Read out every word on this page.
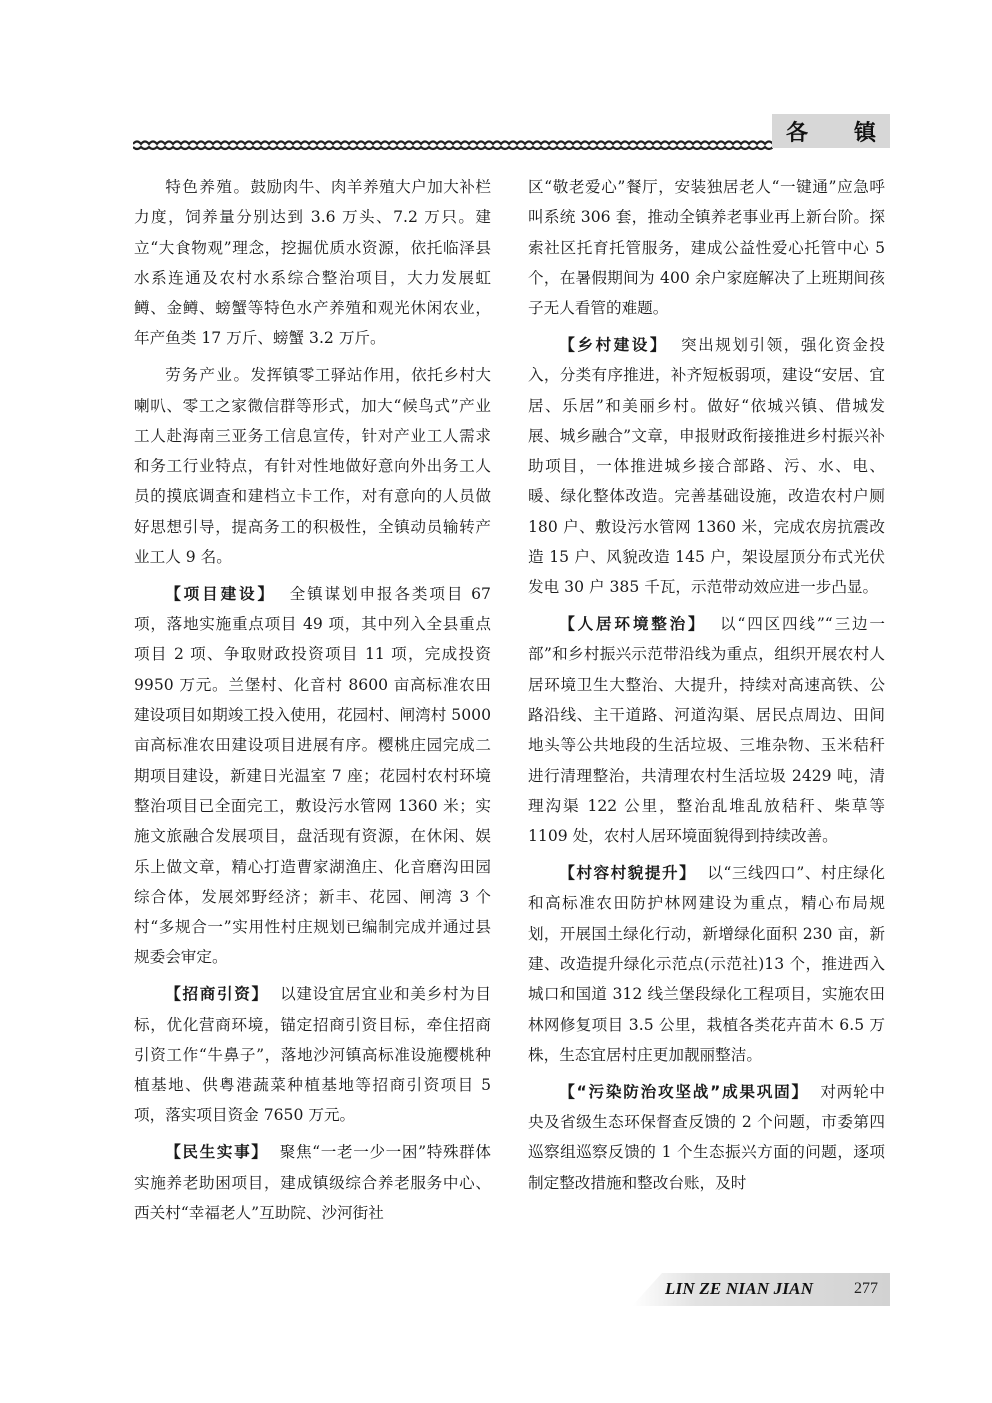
各 镇

特色养殖。鼓励肉牛、肉羊养殖大户加大补栏力度，饲养量分别达到 3.6 万头、7.2 万只。建立“大食物观”理念，挖掘优质水资源，依托临泽县水系连通及农村水系综合整治项目，大力发展虹鳟、金鳟、螃蟹等特色水产养殖和观光休闲农业，年产鱼类 17 万斤、螃蟹 3.2 万斤。

劳务产业。发挥镇零工驿站作用，依托乡村大喇叭、零工之家微信群等形式，加大“候鸟式”产业工人赴海南三亚务工信息宣传，针对产业工人需求和务工行业特点，有针对性地做好意向外出务工人员的摸底调查和建档立卡工作，对有意向的人员做好思想引导，提高务工的积极性，全镇动员输转产业工人 9 名。

【项目建设】 全镇谋划申报各类项目 67 项，落地实施重点项目 49 项，其中列入全县重点项目 2 项、争取财政投资项目 11 项，完成投资 9950 万元。兰堡村、化音村 8600 亩高标准农田建设项目如期竣工投入使用，花园村、闸湾村 5000 亩高标准农田建设项目进展有序。樱桃庄园完成二期项目建设，新建日光温室 7 座；花园村农村环境整治项目已全面完工，敷设污水管网 1360 米；实施文旅融合发展项目，盘活现有资源，在休闲、娱乐上做文章，精心打造曹家湖渔庄、化音磨沟田园综合体，发展郊野经济；新丰、花园、闸湾 3 个村“多规合一”实用性村庄规划已编制完成并通过县规委会审定。

【招商引资】 以建设宜居宜业和美乡村为目标，优化营商环境，锚定招商引资目标，牵住招商引资工作“牛鼻子”，落地沙河镇高标准设施樱桃种植基地、供粤港蔬菜种植基地等招商引资项目 5 项，落实项目资金 7650 万元。

【民生实事】 聚焦“一老一少一困”特殊群体实施养老助困项目，建成镇级综合养老服务中心、西关村“幸福老人”互助院、沙河街社

区“敬老爱心”餐厅，安装独居老人“一键通”应急呼叫系统 306 套，推动全镇养老事业再上新台阶。探索社区托育托管服务，建成公益性爱心托管中心 5 个，在暑假期间为 400 余户家庭解决了上班期间孩子无人看管的难题。

【乡村建设】 突出规划引领，强化资金投入，分类有序推进，补齐短板弱项，建设“安居、宜居、乐居”和美丽乡村。做好“依城兴镇、借城发展、城乡融合”文章，申报财政衔接推进乡村振兴补助项目，一体推进城乡接合部路、污、水、电、暖、绿化整体改造。完善基础设施，改造农村户厕 180 户、敷设污水管网 1360 米，完成农房抗震改造 15 户、风貌改造 145 户，架设屋顶分布式光伏发电 30 户 385 千瓦，示范带动效应进一步凸显。

【人居环境整治】 以“四区四线”“三边一部”和乡村振兴示范带沿线为重点，组织开展农村人居环境卫生大整治、大提升，持续对高速高铁、公路沿线、主干道路、河道沟渠、居民点周边、田间地头等公共地段的生活垃圾、三堆杂物、玉米秸秆进行清理整治，共清理农村生活垃圾 2429 吨，清理沟渠 122 公里，整治乱堆乱放秸秆、柴草等 1109 处，农村人居环境面貌得到持续改善。

【村容村貌提升】 以“三线四口”、村庄绿化和高标准农田防护林网建设为重点，精心布局规划，开展国土绿化行动，新增绿化面积 230 亩，新建、改造提升绿化示范点(示范社)13 个，推进西入城口和国道 312 线兰堡段绿化工程项目，实施农田林网修复项目 3.5 公里，栽植各类花卉苗木 6.5 万株，生态宜居村庄更加靓丽整洁。

【“污染防治攻坚战”成果巩固】 对两轮中央及省级生态环保督查反馈的 2 个问题，市委第四巡察组巡察反馈的 1 个生态振兴方面的问题，逐项制定整改措施和整改台账，及时

LIN ZE NIAN JIAN	277
